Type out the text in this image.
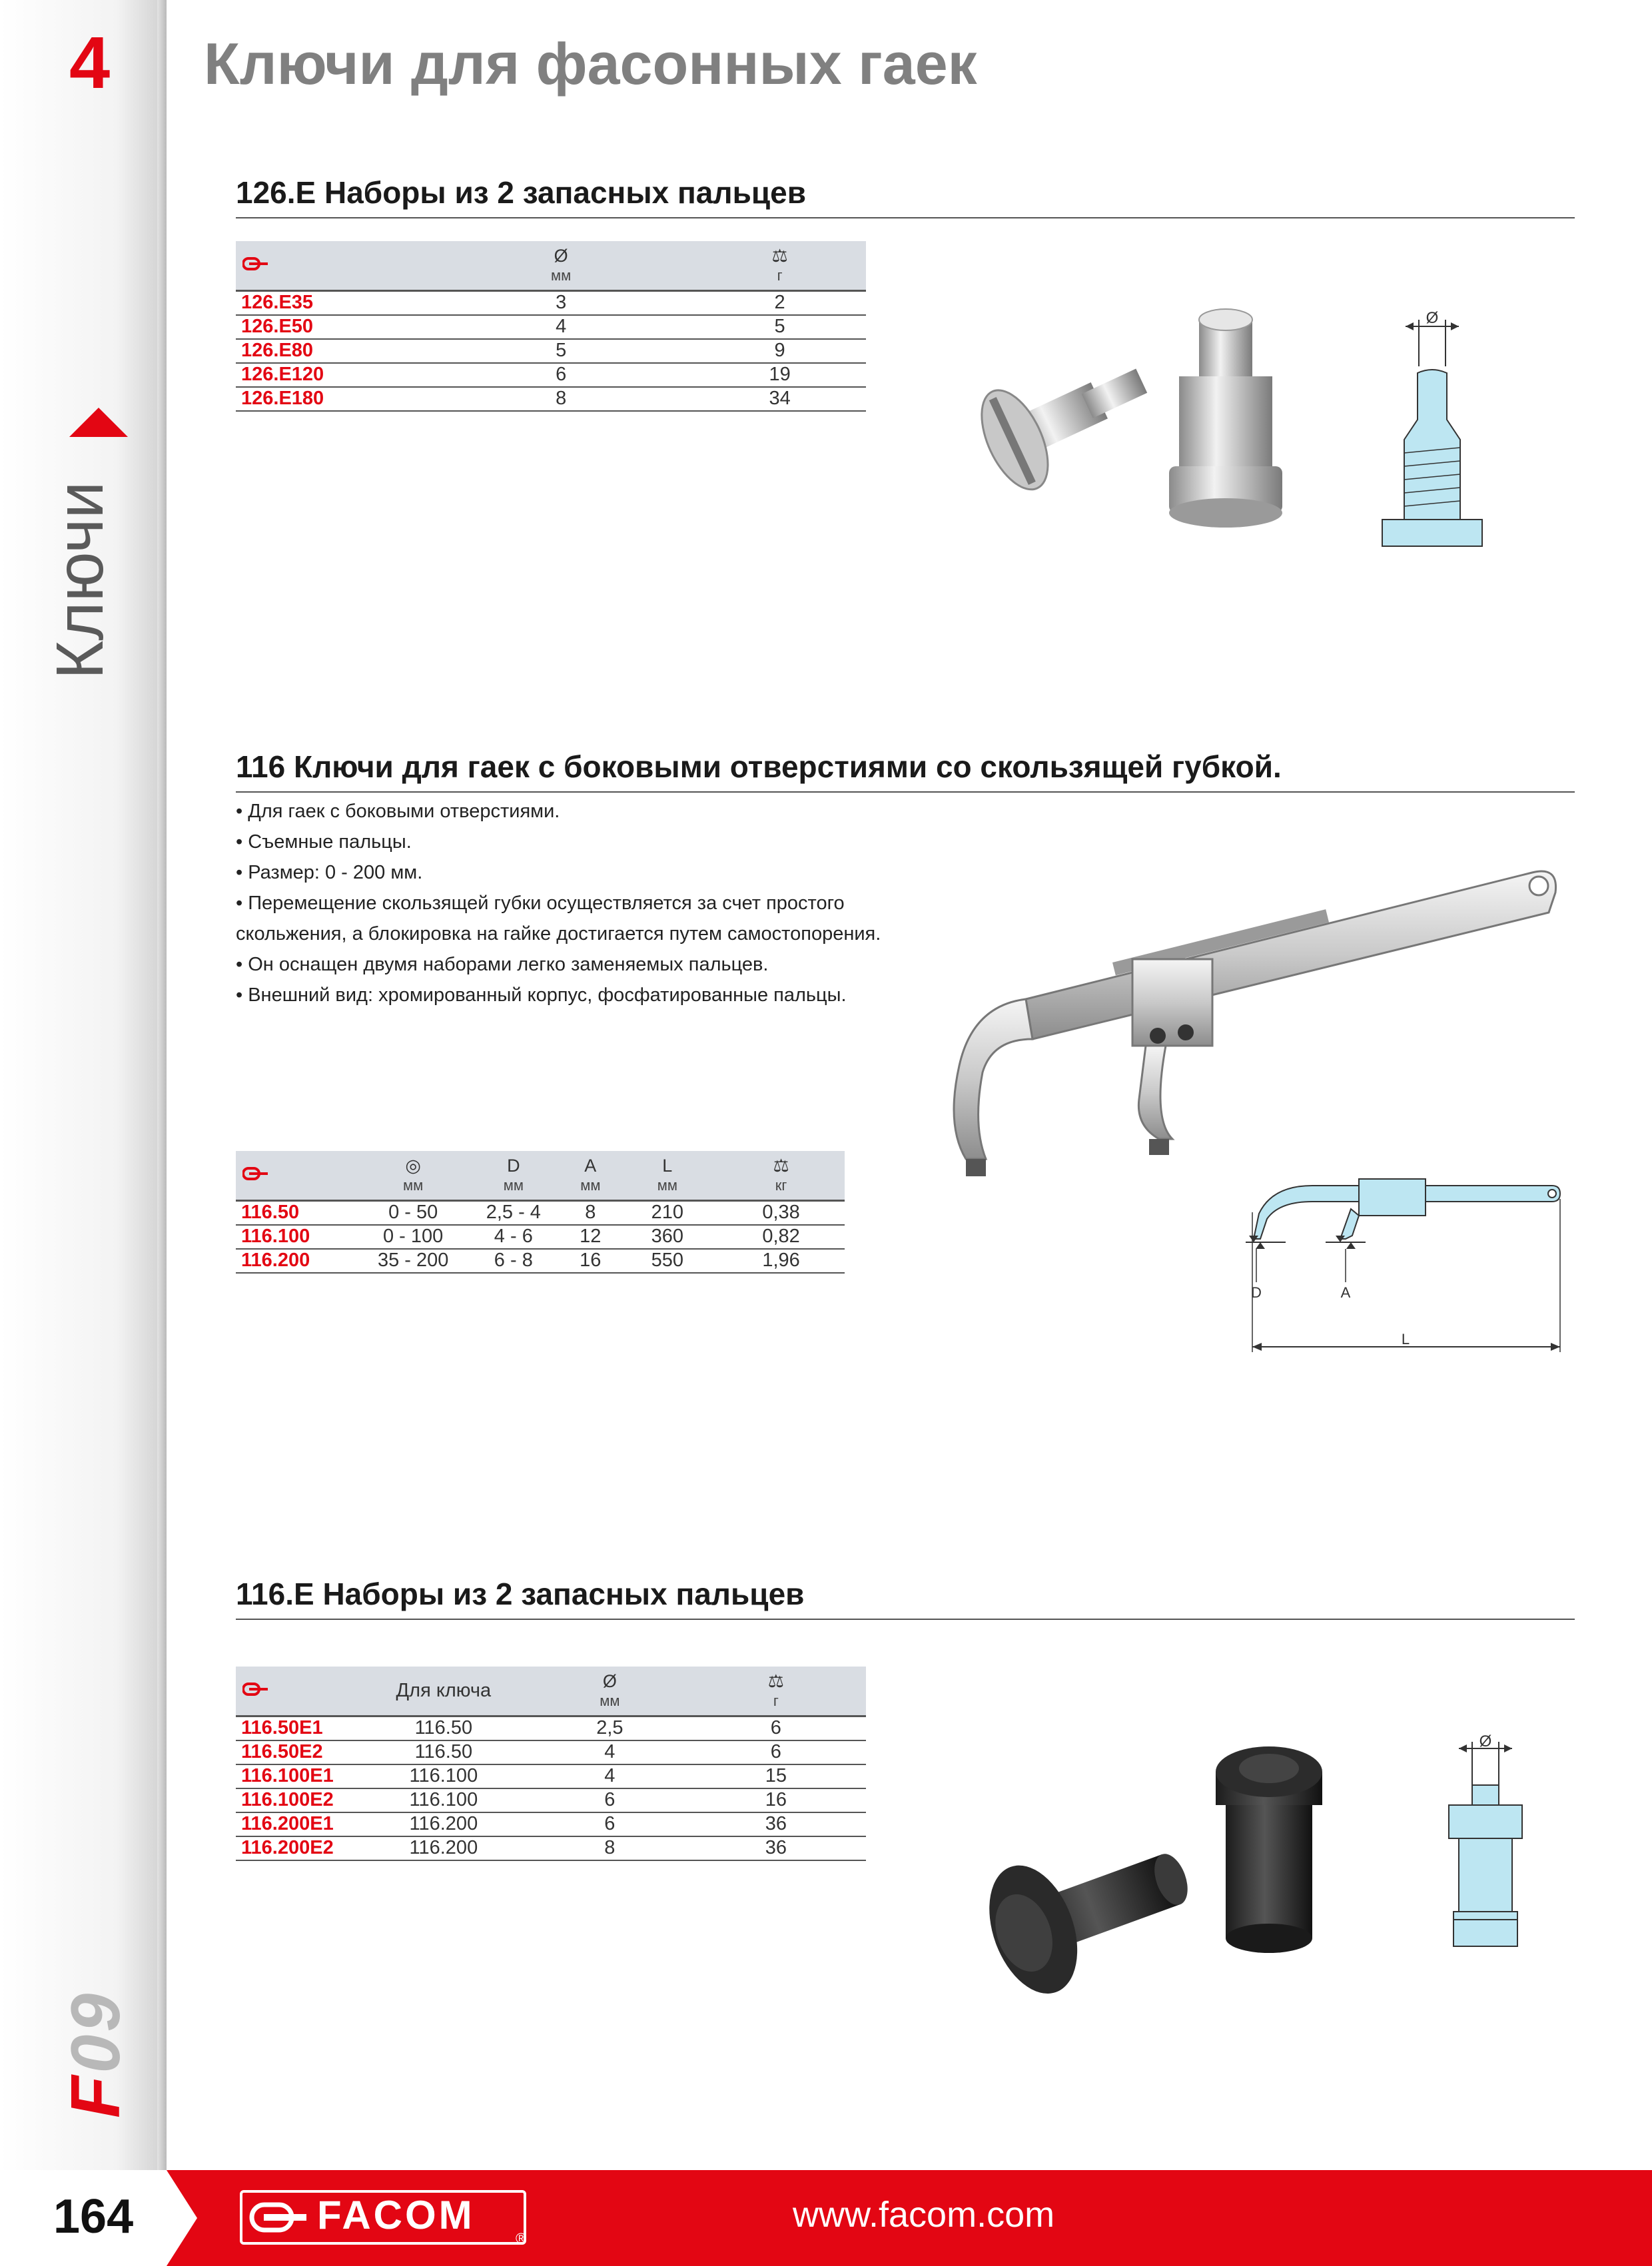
4
Ключи
F09
Ключи для фасонных гаек
126.E Наборы из 2 запасных пальцев

Ø
мм	⚖
г

126.E35	3	2
126.E50	4	5
126.E80	5	9
126.E120	6	19
126.E180	8	34
Ø
116 Ключи для гаек с боковыми отверстиями со скользящей губкой.
• Для гаек с боковыми отверстиями.
• Съемные пальцы.
• Размер: 0 - 200 мм.
• Перемещение скользящей губки осуществляется за счет простого
скольжения, а блокировка на гайке достигается путем самостопорения.
• Он оснащен двумя наборами легко заменяемых пальцев.
• Внешний вид: хромированный корпус, фосфатированные пальцы.

◎
мм	D
мм	A
мм	L
мм	⚖
кг

116.50	0 - 50	2,5 - 4	8	210	0,38
116.100	0 - 100	4 - 6	12	360	0,82
116.200	35 - 200	6 - 8	16	550	1,96
D	A
L
116.E Наборы из 2 запасных пальцев
	Для ключа	Ø
мм	⚖
г

116.50E1	116.50	2,5	6
116.50E2	116.50	4	6
116.100E1	116.100	4	15
116.100E2	116.100	6	16
116.200E1	116.200	6	36
116.200E2	116.200	8	36
Ø
164	FACOM
®
www.facom.com
